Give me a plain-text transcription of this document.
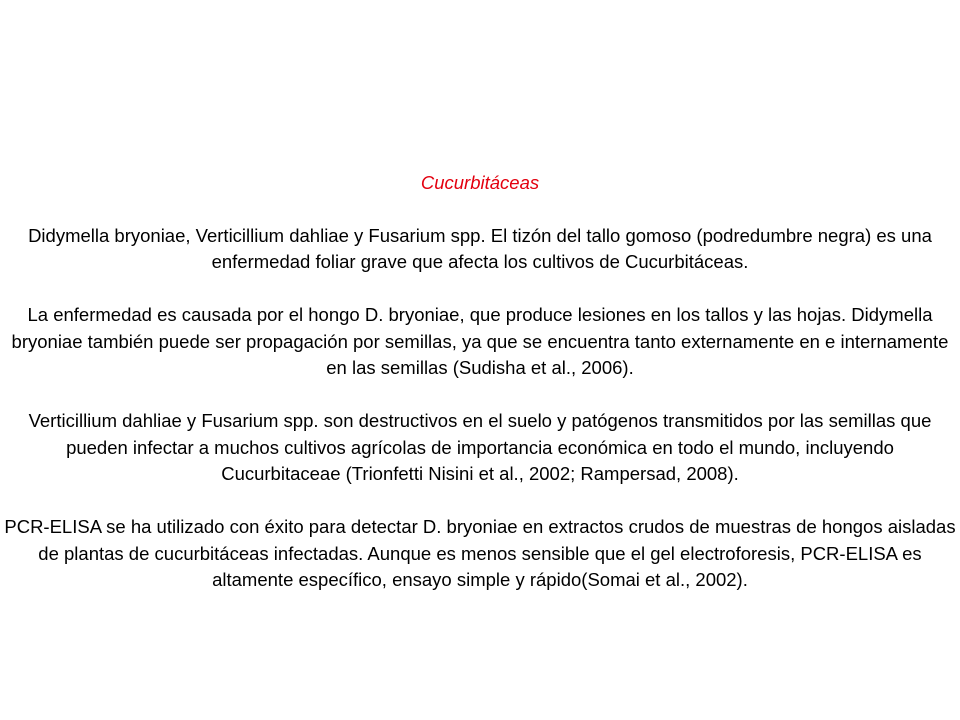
Cucurbitáceas

Didymella bryoniae, Verticillium dahliae y Fusarium spp. El tizón del tallo gomoso (podredumbre negra) es una enfermedad foliar grave que afecta los cultivos de Cucurbitáceas.

La enfermedad es causada por el hongo D. bryoniae, que produce lesiones en los tallos y las hojas. Didymella bryoniae también puede ser propagación por semillas, ya que se encuentra tanto externamente en e internamente en las semillas (Sudisha et al., 2006).

Verticillium dahliae y Fusarium spp. son destructivos en el suelo y patógenos transmitidos por las semillas que pueden infectar a muchos cultivos agrícolas de importancia económica en todo el mundo, incluyendo Cucurbitaceae (Trionfetti Nisini et al., 2002; Rampersad, 2008).

PCR-ELISA se ha utilizado con éxito para detectar D. bryoniae en extractos crudos de muestras de hongos aisladas de plantas de cucurbitáceas infectadas. Aunque es menos sensible que el gel electroforesis, PCR-ELISA es altamente específico, ensayo simple y rápido(Somai et al., 2002).
